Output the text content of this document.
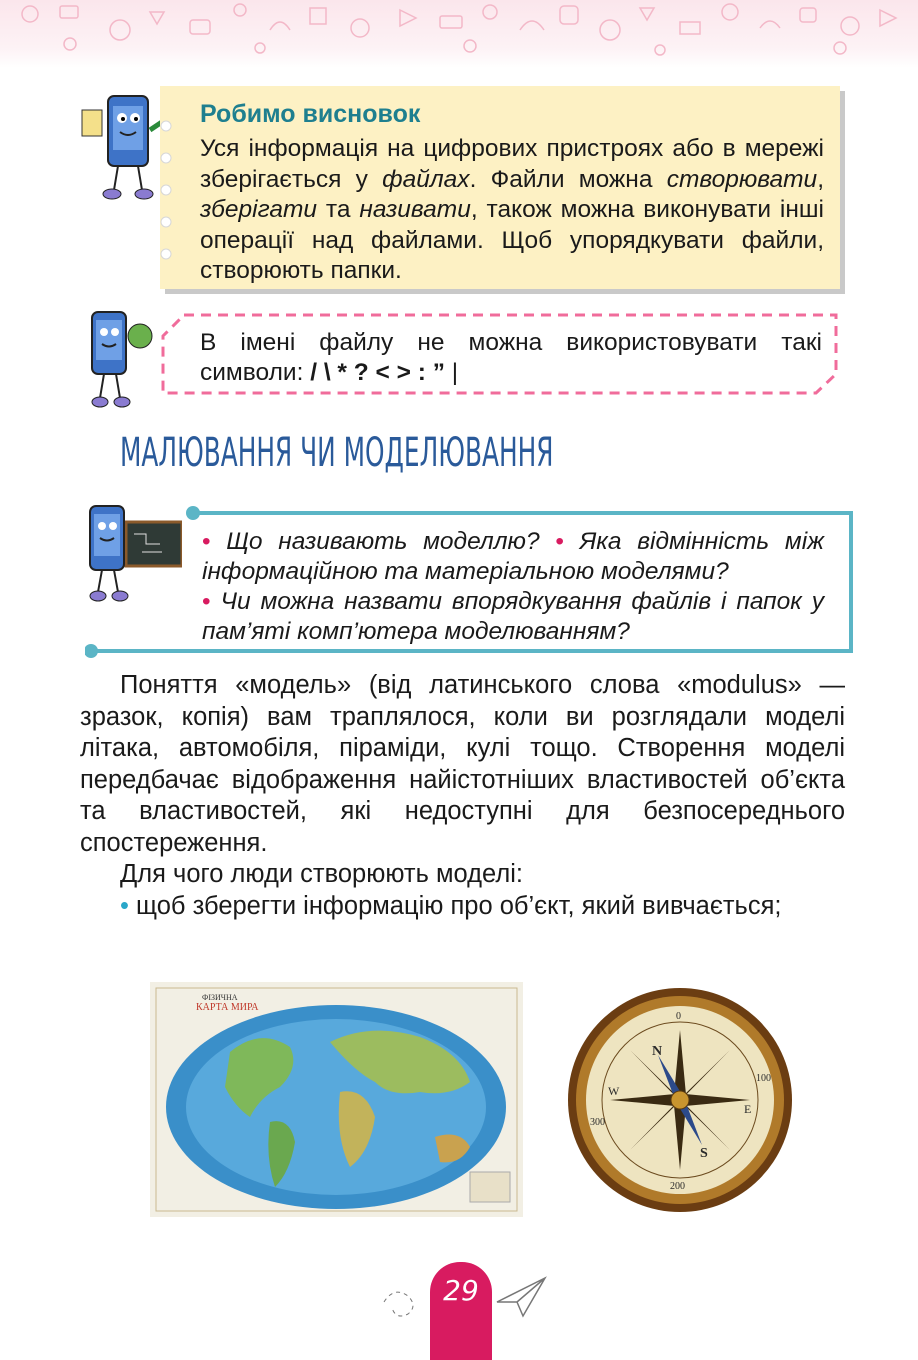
Робимо висновок
Уся інформація на цифрових пристроях або в мережі зберігається у файлах. Файли можна створювати, зберігати та називати, також можна виконувати інші операції над файлами. Щоб упорядкувати файли, створюють папки.
В імені файлу не можна використовувати такі символи: / \ * ? < > : ” |
МАЛЮВАННЯ ЧИ МОДЕЛЮВАННЯ
• Що називають моделлю? • Яка відмінність між інформаційною та матеріальною моделями?
• Чи можна назвати впорядкування файлів і папок у пам’яті комп’ютера моделюванням?

Поняття «модель» (від латинського слова «modulus» — зразок, копія) вам траплялося, коли ви розглядали моделі літака, автомобіля, піраміди, кулі тощо. Створення моделі передбачає відображення найістотніших властивостей об’єкта та властивостей, які недоступні для безпосереднього спостереження.

Для чого люди створюють моделі:

• щоб зберегти інформацію про об’єкт, який вивчається;

ФІЗИЧНА
КАРТА МИРА
N
S
E
W
0
200
100
300
29
